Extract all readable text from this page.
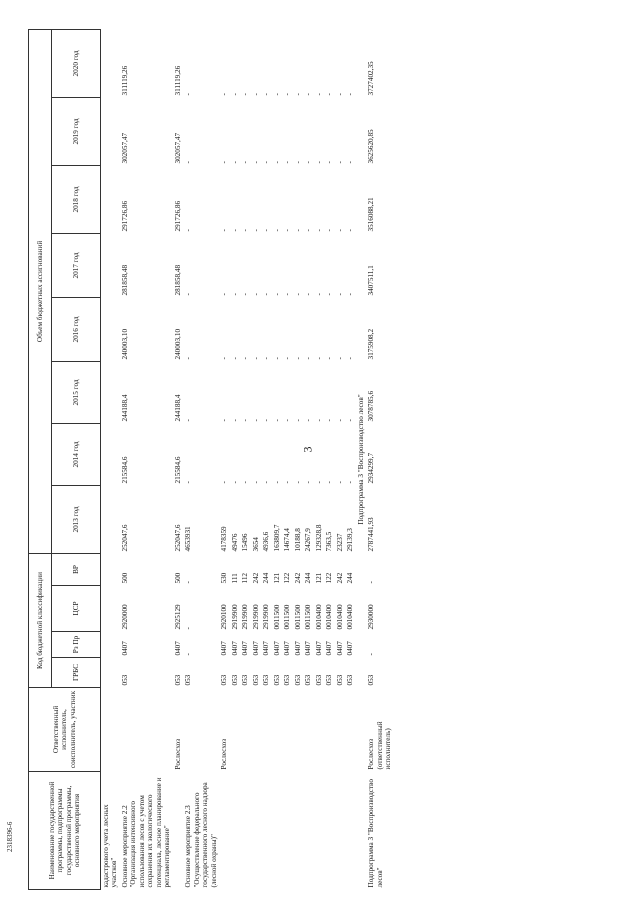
Наименование государственной программы, подпрограммы государственной программы, основного мероприятия	Ответственный исполнитель, соисполнитель, участник	Код бюджетной классификации				Объем бюджетных ассигнований							
		ГРБС	Рз Пр	ЦСР	ВР	2013 год	2014 год	2015 год	2016 год	2017 год	2018 год	2019 год	2020 год
кадастрового учета лесных участков"													
Основное мероприятие 2.2 "Организация интенсивного использования лесов с учетом сохранения их экологического потенциала, лесное планирование и регламентирование"		053	0407	2920000	500	252047,6	215584,6	244188,4	240003,10	281858,48	291726,86	302057,47	311119,26
	Рослесхоз	053	0407	2925129	500	252047,6	215584,6	244188,4	240003,10	281858,48	291726,86	302057,47	311119,26
Основное мероприятие 2.3 "Осуществление федерального государственного лесного надзора (лесной охраны)"		053	-	-	-	4653931	-	-	-	-	-	-	-
	Рослесхоз	053	0407	2920100	530	4178359	-	-	-	-	-	-	-
		053	0407	2919900	111	49476	-	-	-	-	-	-	-
		053	0407	2919900	112	15496	-	-	-	-	-	-	-
		053	0407	2919900	242	3654	-	-	-	-	-	-	-
		053	0407	2919900	244	4936,6	-	-	-	-	-	-	-
		053	0407	0011500	121	163809,7	-	-	-	-	-	-	-
		053	0407	0011500	122	14674,4	-	-	-	-	-	-	-
		053	0407	0011500	242	10188,8	-	-	-	-	-	-	-
		053	0407	0011500	244	24267,9	-	-	-	-	-	-	-
		053	0407	0010400	121	129328,8	-	-	-	-	-	-	-
		053	0407	0010400	122	7363,5	-	-	-	-	-	-	-
		053	0407	0010400	242	23237	-	-	-	-	-	-	-
		053	0407	0010400	244	29139,3	-	-	-	-	-	-	-
Подпрограмма 3 "Воспроизводство лесов"													
Подпрограмма 3 "Воспроизводство лесов"	Рослесхоз (ответственный исполнитель)	053	-	2930000	-	2787441,93	2934299,7	3078785,6	3175908,2	3407511,1	3516088,21	3625620,85	3727402,35
2318396-6
3
